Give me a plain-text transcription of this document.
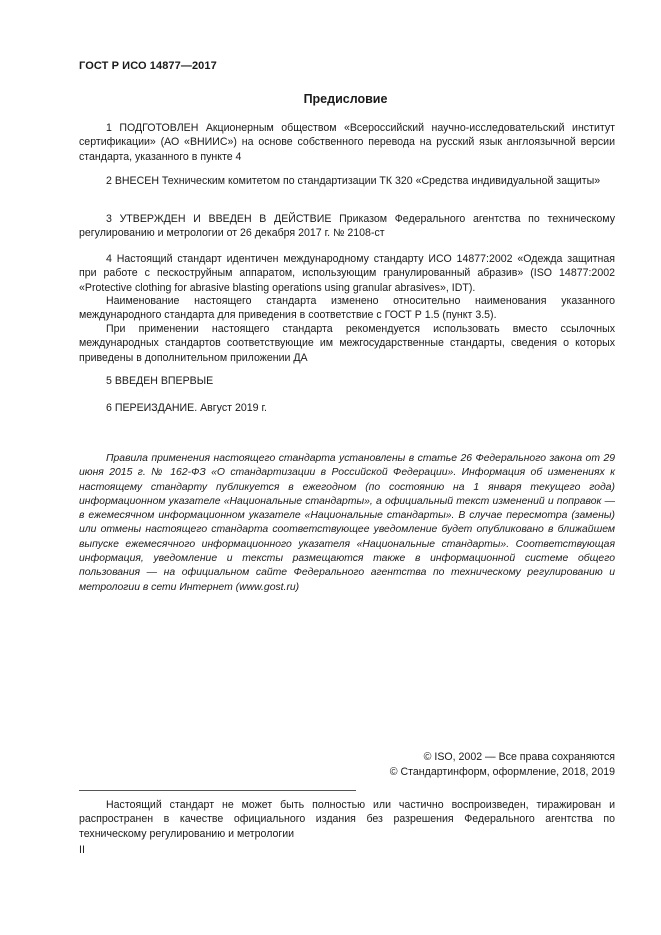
ГОСТ Р ИСО 14877—2017
Предисловие

1 ПОДГОТОВЛЕН Акционерным обществом «Всероссийский научно-исследовательский институт сертификации» (АО «ВНИИС») на основе собственного перевода на русский язык англоязычной версии стандарта, указанного в пункте 4

2 ВНЕСЕН Техническим комитетом по стандартизации ТК 320 «Средства индивидуальной защиты»

3 УТВЕРЖДЕН И ВВЕДЕН В ДЕЙСТВИЕ Приказом Федерального агентства по техническому регулированию и метрологии от 26 декабря 2017 г. № 2108-ст

4 Настоящий стандарт идентичен международному стандарту ИСО 14877:2002 «Одежда защитная при работе с пескоструйным аппаратом, использующим гранулированный абразив» (ISO 14877:2002 «Protective clothing for abrasive blasting operations using granular abrasives», IDT).

Наименование настоящего стандарта изменено относительно наименования указанного международного стандарта для приведения в соответствие с ГОСТ Р 1.5 (пункт 3.5).

При применении настоящего стандарта рекомендуется использовать вместо ссылочных международных стандартов соответствующие им межгосударственные стандарты, сведения о которых приведены в дополнительном приложении ДА

5 ВВЕДЕН ВПЕРВЫЕ

6 ПЕРЕИЗДАНИЕ. Август 2019 г.

Правила применения настоящего стандарта установлены в статье 26 Федерального закона от 29 июня 2015 г. № 162-ФЗ «О стандартизации в Российской Федерации». Информация об изменениях к настоящему стандарту публикуется в ежегодном (по состоянию на 1 января текущего года) информационном указателе «Национальные стандарты», а официальный текст изменений и поправок — в ежемесячном информационном указателе «Национальные стандарты». В случае пересмотра (замены) или отмены настоящего стандарта соответствующее уведомление будет опубликовано в ближайшем выпуске ежемесячного информационного указателя «Национальные стандарты». Соответствующая информация, уведомление и тексты размещаются также в информационной системе общего пользования — на официальном сайте Федерального агентства по техническому регулированию и метрологии в сети Интернет (www.gost.ru)

© ISO, 2002 — Все права сохраняются
© Стандартинформ, оформление, 2018, 2019

Настоящий стандарт не может быть полностью или частично воспроизведен, тиражирован и распространен в качестве официального издания без разрешения Федерального агентства по техническому регулированию и метрологии

II
